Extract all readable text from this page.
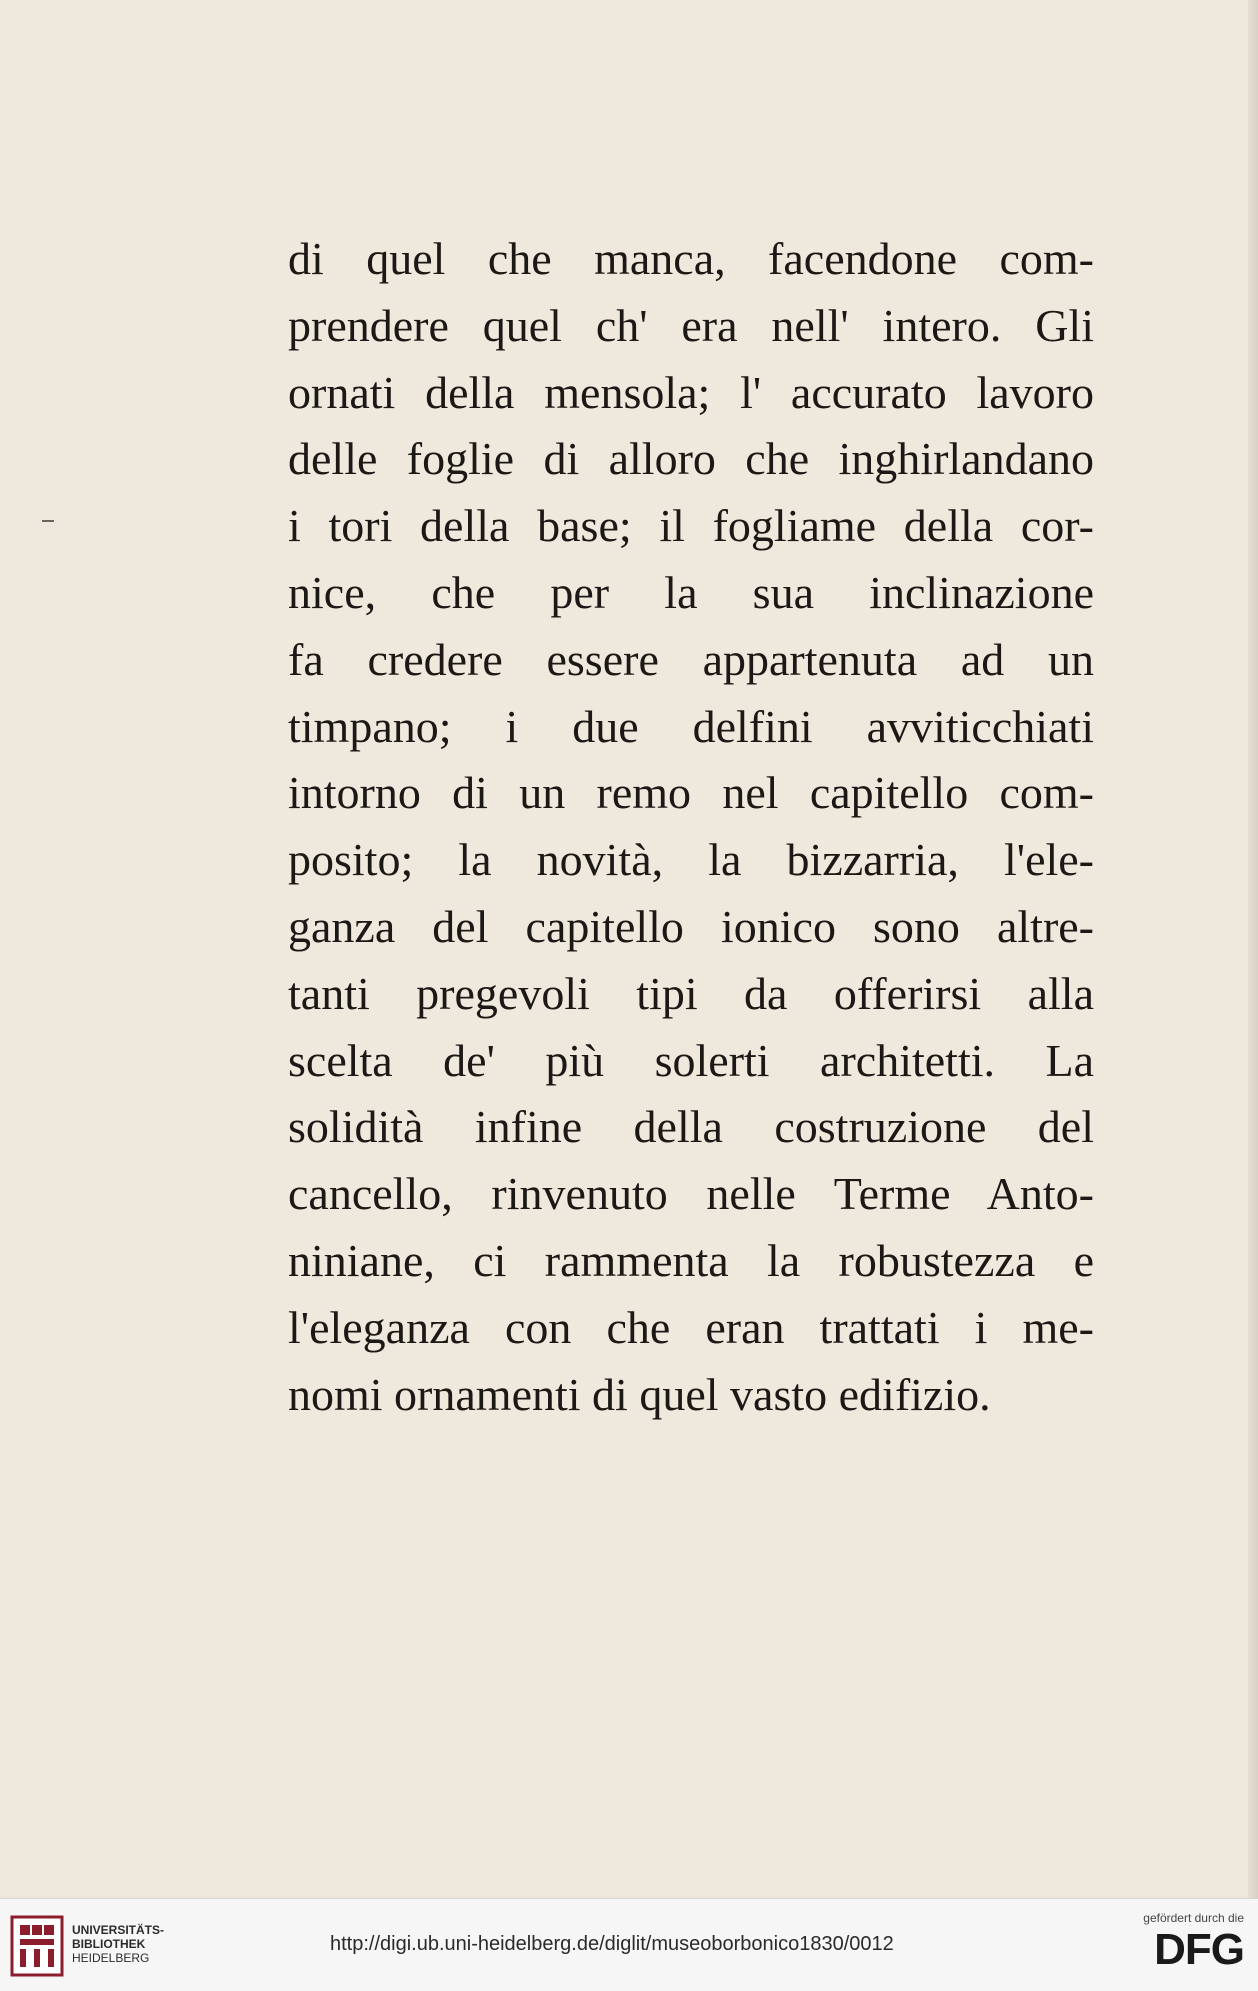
di quel che manca, facendone com-
prendere quel ch' era nell' intero. Gli
ornati della mensola; l' accurato lavoro
delle foglie di alloro che inghirlandano
i tori della base; il fogliame della cor-
nice, che per la sua inclinazione
fa credere essere appartenuta ad un
timpano; i due delfini avviticchiati
intorno di un remo nel capitello com-
posito; la novità, la bizzarria, l'ele-
ganza del capitello ionico sono altre-
tanti pregevoli tipi da offerirsi alla
scelta de' più solerti architetti. La
solidità infine della costruzione del
cancello, rinvenuto nelle Terme Anto-
niniane, ci rammenta la robustezza e
l'eleganza con che eran trattati i me-
nomi ornamenti di quel vasto edifizio.
UNIVERSITÄTS-
BIBLIOTHEK
HEIDELBERG
http://digi.ub.uni-heidelberg.de/diglit/museoborbonico1830/0012
gefördert durch die
DFG
